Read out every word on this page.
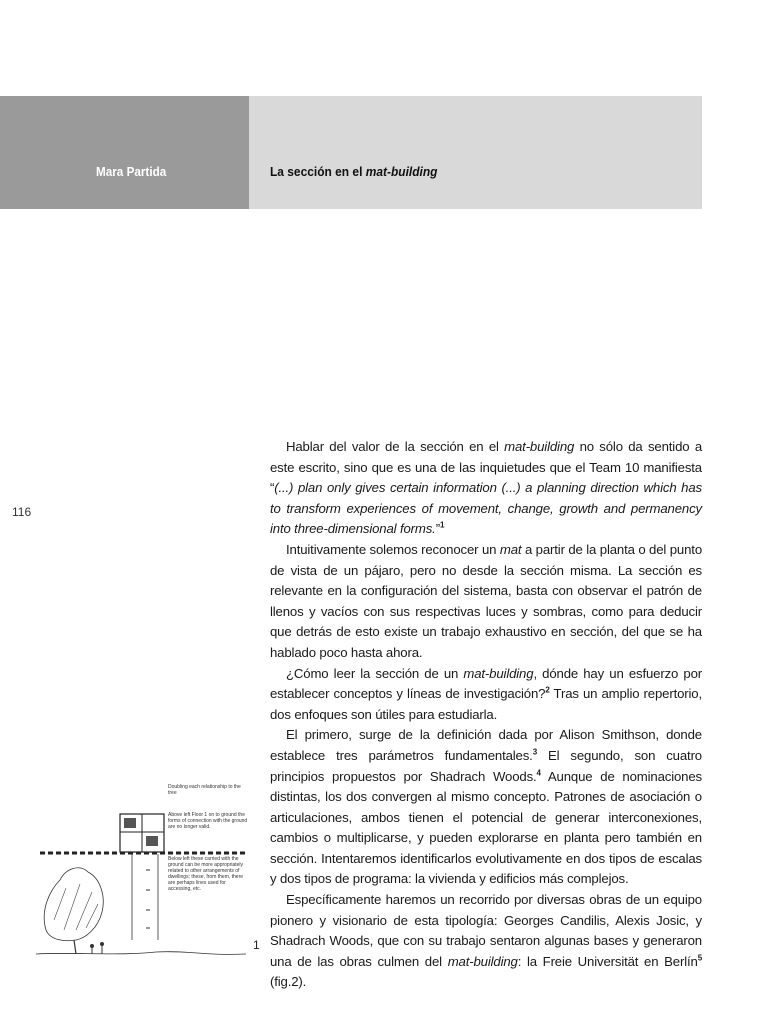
Mara Partida	La sección en el mat-building
116

Hablar del valor de la sección en el mat-building no sólo da sentido a este escrito, sino que es una de las inquietudes que el Team 10 manifiesta “(...) plan only gives certain information (...) a planning direction which has to transform experiences of movement, change, growth and permanency into three-dimensional forms.”$^1$

Intuitivamente solemos reconocer un mat a partir de la planta o del punto de vista de un pájaro, pero no desde la sección misma. La sección es relevante en la configuración del sistema, basta con observar el patrón de llenos y vacíos con sus respectivas luces y sombras, como para deducir que detrás de esto existe un trabajo exhaustivo en sección, del que se ha hablado poco hasta ahora.

¿Cómo leer la sección de un mat-building, dónde hay un esfuerzo por establecer conceptos y líneas de investigación?$^2$ Tras un amplio repertorio, dos enfoques son útiles para estudiarla.

El primero, surge de la definición dada por Alison Smithson, donde establece tres parámetros fundamentales.$^3$ El segundo, son cuatro principios propuestos por Shadrach Woods.$^4$ Aunque de nominaciones distintas, los dos convergen al mismo concepto. Patrones de asociación o articulaciones, ambos tienen el potencial de generar interconexiones, cambios o multiplicarse, y pueden explorarse en planta pero también en sección. Intentaremos identificarlos evolutivamente en dos tipos de escalas y dos tipos de programa: la vivienda y edificios más complejos.

Específicamente haremos un recorrido por diversas obras de un equipo pionero y visionario de esta tipología: Georges Candilis, Alexis Josic, y Shadrach Woods, que con su trabajo sentaron algunas bases y generaron una de las obras culmen del mat-building: la Freie Universität en Berlín$^5$ (fig.2).

Doubling each relationship to the tree
Above left Floor 1 on to ground the forms of connection with the ground are no longer valid.
Below left these carried with the ground can be more appropriately related to other arrangements of dwellings; these, from them, there are perhaps lines used for accessing, etc.
1
